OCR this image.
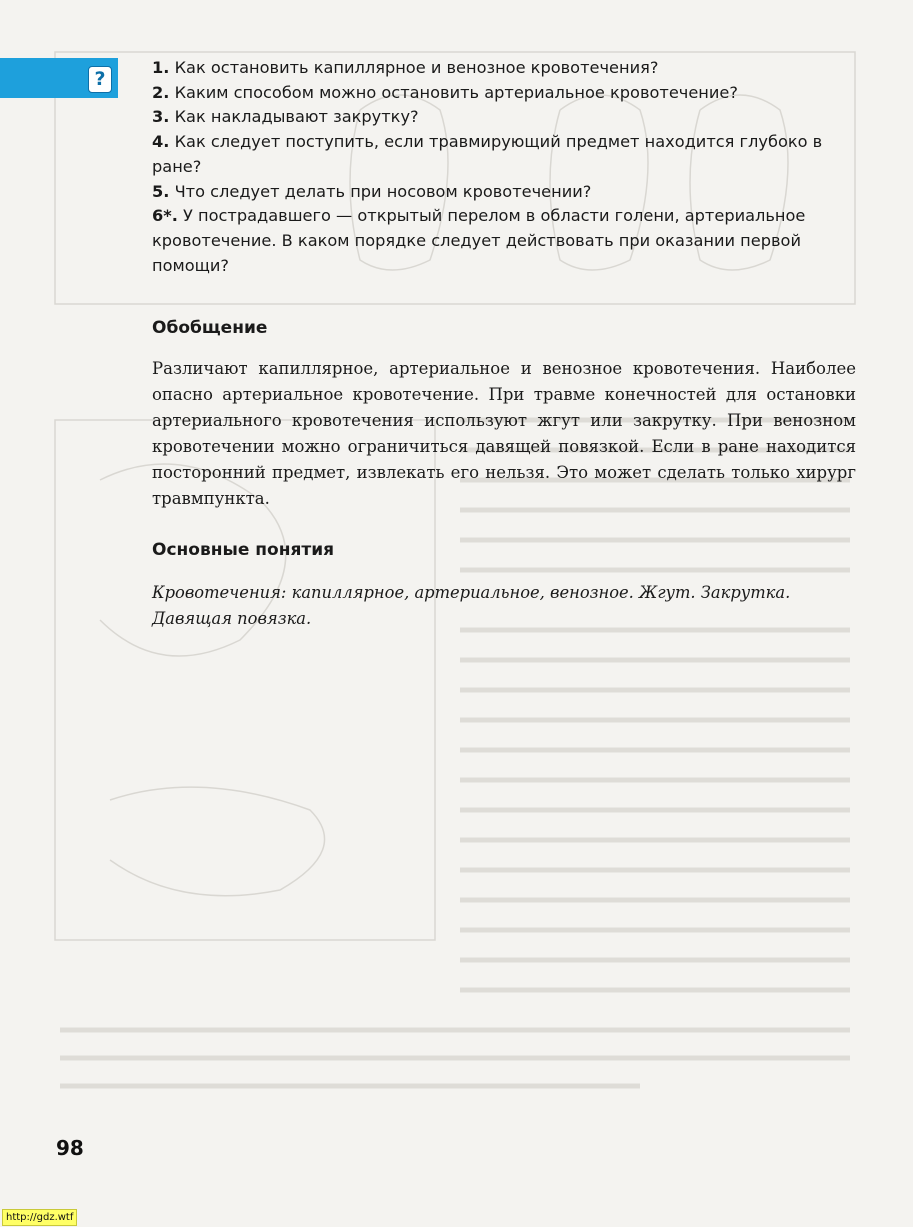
?

1. Как остановить капиллярное и венозное кровотечения?

2. Каким способом можно остановить артериальное кровотечение?

3. Как накладывают закрутку?

4. Как следует поступить, если травмирующий предмет находится глубоко в ране?

5. Что следует делать при носовом кровотечении?

6*. У пострадавшего — открытый перелом в области голени, артериальное кровотечение. В каком порядке следует действовать при оказании первой помощи?

Обобщение

Различают капиллярное, артериальное и венозное кровотечения. Наиболее опасно артериальное кровотечение. При травме конечностей для остановки артериального кровотечения используют жгут или закрутку. При венозном кровотечении можно ограничиться давящей повязкой. Если в ране находится посторонний предмет, извлекать его нельзя. Это может сделать только хирург травмпункта.

Основные понятия

Кровотечения: капиллярное, артериальное, венозное. Жгут. Закрутка. Давящая повязка.

98
http://gdz.wtf
